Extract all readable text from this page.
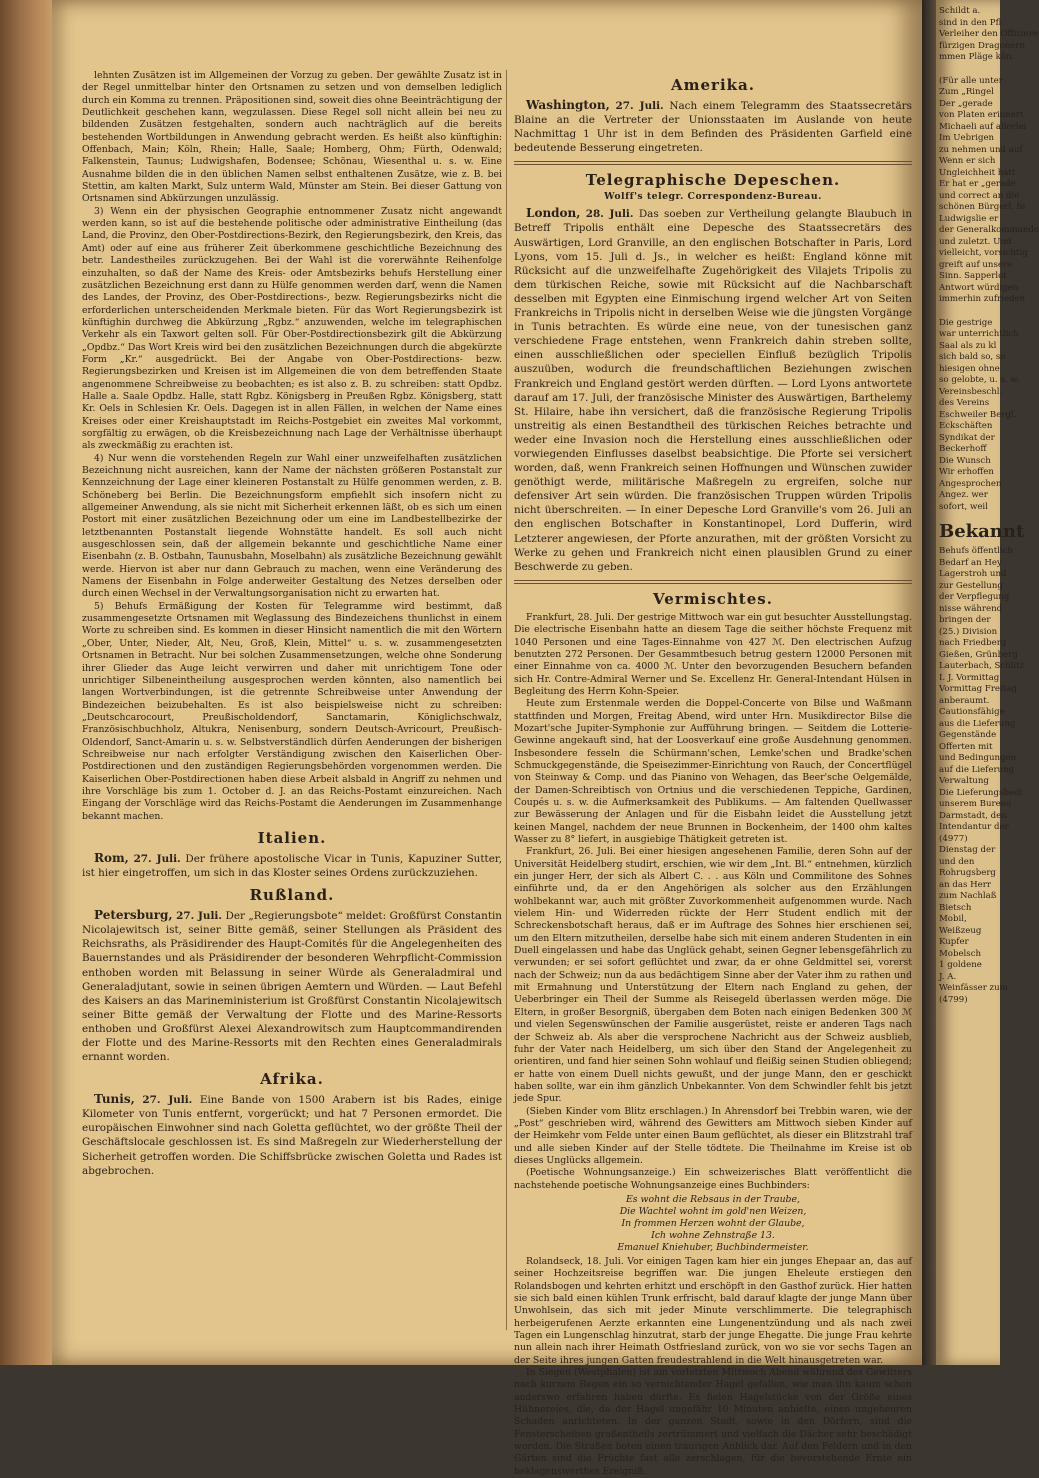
lehnten Zusätzen ist im Allgemeinen der Vorzug zu geben. Der gewählte Zusatz ist in der Regel unmittelbar hinter den Ortsnamen zu setzen und von demselben lediglich durch ein Komma zu trennen. Präpositionen sind, soweit dies ohne Beeinträchtigung der Deutlichkeit geschehen kann, wegzulassen. Diese Regel soll nicht allein bei neu zu bildenden Zusätzen festgehalten, sondern auch nachträglich auf die bereits bestehenden Wortbildungen in Anwendung gebracht werden. Es heißt also künftighin: Offenbach, Main; Köln, Rhein; Halle, Saale; Homberg, Ohm; Fürth, Odenwald; Falkenstein, Taunus; Ludwigshafen, Bodensee; Schönau, Wiesenthal u. s. w. Eine Ausnahme bilden die in den üblichen Namen selbst enthaltenen Zusätze, wie z. B. bei Stettin, am kalten Markt, Sulz unterm Wald, Münster am Stein. Bei dieser Gattung von Ortsnamen sind Abkürzungen unzulässig.

3) Wenn ein der physischen Geographie entnommener Zusatz nicht angewandt werden kann, so ist auf die bestehende politische oder administrative Eintheilung (das Land, die Provinz, den Ober-Postdirections-Bezirk, den Regierungsbezirk, den Kreis, das Amt) oder auf eine aus früherer Zeit überkommene geschichtliche Bezeichnung des betr. Landestheiles zurückzugehen. Bei der Wahl ist die vorerwähnte Reihenfolge einzuhalten, so daß der Name des Kreis- oder Amtsbezirks behufs Herstellung einer zusätzlichen Bezeichnung erst dann zu Hülfe genommen werden darf, wenn die Namen des Landes, der Provinz, des Ober-Postdirections-, bezw. Regierungsbezirks nicht die erforderlichen unterscheidenden Merkmale bieten. Für das Wort Regierungsbezirk ist künftighin durchweg die Abkürzung „Rgbz.“ anzuwenden, welche im telegraphischen Verkehr als ein Taxwort gelten soll. Für Ober-Postdirectionsbezirk gilt die Abkürzung „Opdbz.“ Das Wort Kreis wird bei den zusätzlichen Bezeichnungen durch die abgekürzte Form „Kr.“ ausgedrückt. Bei der Angabe von Ober-Postdirections- bezw. Regierungsbezirken und Kreisen ist im Allgemeinen die von dem betreffenden Staate angenommene Schreibweise zu beobachten; es ist also z. B. zu schreiben: statt Opdbz. Halle a. Saale Opdbz. Halle, statt Rgbz. Königsberg in Preußen Rgbz. Königsberg, statt Kr. Oels in Schlesien Kr. Oels. Dagegen ist in allen Fällen, in welchen der Name eines Kreises oder einer Kreishauptstadt im Reichs-Postgebiet ein zweites Mal vorkommt, sorgfältig zu erwägen, ob die Kreisbezeichnung nach Lage der Verhältnisse überhaupt als zweckmäßig zu erachten ist.

4) Nur wenn die vorstehenden Regeln zur Wahl einer unzweifelhaften zusätzlichen Bezeichnung nicht ausreichen, kann der Name der nächsten größeren Postanstalt zur Kennzeichnung der Lage einer kleineren Postanstalt zu Hülfe genommen werden, z. B. Schöneberg bei Berlin. Die Bezeichnungsform empfiehlt sich insofern nicht zu allgemeiner Anwendung, als sie nicht mit Sicherheit erkennen läßt, ob es sich um einen Postort mit einer zusätzlichen Bezeichnung oder um eine im Landbestellbezirke der letztbenannten Postanstalt liegende Wohnstätte handelt. Es soll auch nicht ausgeschlossen sein, daß der allgemein bekannte und geschichtliche Name einer Eisenbahn (z. B. Ostbahn, Taunusbahn, Moselbahn) als zusätzliche Bezeichnung gewählt werde. Hiervon ist aber nur dann Gebrauch zu machen, wenn eine Veränderung des Namens der Eisenbahn in Folge anderweiter Gestaltung des Netzes derselben oder durch einen Wechsel in der Verwaltungsorganisation nicht zu erwarten hat.

5) Behufs Ermäßigung der Kosten für Telegramme wird bestimmt, daß zusammengesetzte Ortsnamen mit Weglassung des Bindezeichens thunlichst in einem Worte zu schreiben sind. Es kommen in dieser Hinsicht namentlich die mit den Wörtern „Ober, Unter, Nieder, Alt, Neu, Groß, Klein, Mittel“ u. s. w. zusammengesetzten Ortsnamen in Betracht. Nur bei solchen Zusammensetzungen, welche ohne Sonderung ihrer Glieder das Auge leicht verwirren und daher mit unrichtigem Tone oder unrichtiger Silbeneintheilung ausgesprochen werden könnten, also namentlich bei langen Wortverbindungen, ist die getrennte Schreibweise unter Anwendung der Bindezeichen beizubehalten. Es ist also beispielsweise nicht zu schreiben: „Deutschcarocourt, Preußischoldendorf, Sanctamarin, Königlichschwalz, Französischbuchholz, Altukra, Nenisenburg, sondern Deutsch-Avricourt, Preußisch-Oldendorf, Sanct-Amarin u. s. w. Selbstverständlich dürfen Aenderungen der bisherigen Schreibweise nur nach erfolgter Verständigung zwischen den Kaiserlichen Ober-Postdirectionen und den zuständigen Regierungsbehörden vorgenommen werden. Die Kaiserlichen Ober-Postdirectionen haben diese Arbeit alsbald in Angriff zu nehmen und ihre Vorschläge bis zum 1. October d. J. an das Reichs-Postamt einzureichen. Nach Eingang der Vorschläge wird das Reichs-Postamt die Aenderungen im Zusammenhange bekannt machen.

Italien.

Rom, 27. Juli. Der frühere apostolische Vicar in Tunis, Kapuziner Sutter, ist hier eingetroffen, um sich in das Kloster seines Ordens zurückzuziehen.

Rußland.

Petersburg, 27. Juli. Der „Regierungsbote“ meldet: Großfürst Constantin Nicolajewitsch ist, seiner Bitte gemäß, seiner Stellungen als Präsident des Reichsraths, als Präsidirender des Haupt-Comités für die Angelegenheiten des Bauernstandes und als Präsidirender der besonderen Wehrpflicht-Commission enthoben worden mit Belassung in seiner Würde als Generaladmiral und Generaladjutant, sowie in seinen übrigen Aemtern und Würden. — Laut Befehl des Kaisers an das Marineministerium ist Großfürst Constantin Nicolajewitsch seiner Bitte gemäß der Verwaltung der Flotte und des Marine-Ressorts enthoben und Großfürst Alexei Alexandrowitsch zum Hauptcommandirenden der Flotte und des Marine-Ressorts mit den Rechten eines Generaladmirals ernannt worden.

Afrika.

Tunis, 27. Juli. Eine Bande von 1500 Arabern ist bis Rades, einige Kilometer von Tunis entfernt, vorgerückt; und hat 7 Personen ermordet. Die europäischen Einwohner sind nach Goletta geflüchtet, wo der größte Theil der Geschäftslocale geschlossen ist. Es sind Maßregeln zur Wiederherstellung der Sicherheit getroffen worden. Die Schiffsbrücke zwischen Goletta und Rades ist abgebrochen.

Amerika.

Washington, 27. Juli. Nach einem Telegramm des Staatssecretärs Blaine an die Vertreter der Unionsstaaten im Auslande von heute Nachmittag 1 Uhr ist in dem Befinden des Präsidenten Garfield eine bedeutende Besserung eingetreten.

Telegraphische Depeschen.
Wolff's telegr. Correspondenz-Bureau.

London, 28. Juli. Das soeben zur Vertheilung gelangte Blaubuch in Betreff Tripolis enthält eine Depesche des Staatssecretärs des Auswärtigen, Lord Granville, an den englischen Botschafter in Paris, Lord Lyons, vom 15. Juli d. Js., in welcher es heißt: England könne mit Rücksicht auf die unzweifelhafte Zugehörigkeit des Vilajets Tripolis zu dem türkischen Reiche, sowie mit Rücksicht auf die Nachbarschaft desselben mit Egypten eine Einmischung irgend welcher Art von Seiten Frankreichs in Tripolis nicht in derselben Weise wie die jüngsten Vorgänge in Tunis betrachten. Es würde eine neue, von der tunesischen ganz verschiedene Frage entstehen, wenn Frankreich dahin streben sollte, einen ausschließlichen oder speciellen Einfluß bezüglich Tripolis auszuüben, wodurch die freundschaftlichen Beziehungen zwischen Frankreich und England gestört werden dürften. — Lord Lyons antwortete darauf am 17. Juli, der französische Minister des Auswärtigen, Barthelemy St. Hilaire, habe ihn versichert, daß die französische Regierung Tripolis unstreitig als einen Bestandtheil des türkischen Reiches betrachte und weder eine Invasion noch die Herstellung eines ausschließlichen oder vorwiegenden Einflusses daselbst beabsichtige. Die Pforte sei versichert worden, daß, wenn Frankreich seinen Hoffnungen und Wünschen zuwider genöthigt werde, militärische Maßregeln zu ergreifen, solche nur defensiver Art sein würden. Die französischen Truppen würden Tripolis nicht überschreiten. — In einer Depesche Lord Granville's vom 26. Juli an den englischen Botschafter in Konstantinopel, Lord Dufferin, wird Letzterer angewiesen, der Pforte anzurathen, mit der größten Vorsicht zu Werke zu gehen und Frankreich nicht einen plausiblen Grund zu einer Beschwerde zu geben.

Vermischtes.

Frankfurt, 28. Juli. Der gestrige Mittwoch war ein gut besuchter Ausstellungstag. Die electrische Eisenbahn hatte an diesem Tage die seither höchste Frequenz mit 1040 Personen und eine Tages-Einnahme von 427 ℳ. Den electrischen Aufzug benutzten 272 Personen. Der Gesammtbesuch betrug gestern 12000 Personen mit einer Einnahme von ca. 4000 ℳ. Unter den bevorzugenden Besuchern befanden sich Hr. Contre-Admiral Werner und Se. Excellenz Hr. General-Intendant Hülsen in Begleitung des Herrn Kohn-Speier.

Heute zum Erstenmale werden die Doppel-Concerte von Bilse und Waßmann stattfinden und Morgen, Freitag Abend, wird unter Hrn. Musikdirector Bilse die Mozart'sche Jupiter-Symphonie zur Aufführung bringen. — Seitdem die Lotterie-Gewinne angekauft sind, hat der Loosverkauf eine große Ausdehnung genommen. Insbesondere fesseln die Schürmann'schen, Lemke'schen und Bradke'schen Schmuckgegenstände, die Speisezimmer-Einrichtung von Rauch, der Concertflügel von Steinway & Comp. und das Pianino von Wehagen, das Beer'sche Oelgemälde, der Damen-Schreibtisch von Ortnius und die verschiedenen Teppiche, Gardinen, Coupés u. s. w. die Aufmerksamkeit des Publikums. — Am faltenden Quellwasser zur Bewässerung der Anlagen und für die Eisbahn leidet die Ausstellung jetzt keinen Mangel, nachdem der neue Brunnen in Bockenheim, der 1400 ohm kaltes Wasser zu 8° liefert, in ausgiebige Thätigkeit getreten ist.

Frankfurt, 26. Juli. Bei einer hiesigen angesehenen Familie, deren Sohn auf der Universität Heidelberg studirt, erschien, wie wir dem „Int. Bl.“ entnehmen, kürzlich ein junger Herr, der sich als Albert C. . . aus Köln und Commilitone des Sohnes einführte und, da er den Angehörigen als solcher aus den Erzählungen wohlbekannt war, auch mit größter Zuvorkommenheit aufgenommen wurde. Nach vielem Hin- und Widerreden rückte der Herr Student endlich mit der Schreckensbotschaft heraus, daß er im Auftrage des Sohnes hier erschienen sei, um den Eltern mitzutheilen, derselbe habe sich mit einem anderen Studenten in ein Duell eingelassen und habe das Unglück gehabt, seinen Gegner lebensgefährlich zu verwunden; er sei sofort geflüchtet und zwar, da er ohne Geldmittel sei, vorerst nach der Schweiz; nun da aus bedächtigem Sinne aber der Vater ihm zu rathen und mit Ermahnung und Unterstützung der Eltern nach England zu gehen, der Ueberbringer ein Theil der Summe als Reisegeld überlassen werden möge. Die Eltern, in großer Besorgniß, übergaben dem Boten nach einigen Bedenken 300 ℳ und vielen Segenswünschen der Familie ausgerüstet, reiste er anderen Tags nach der Schweiz ab. Als aber die versprochene Nachricht aus der Schweiz ausblieb, fuhr der Vater nach Heidelberg, um sich über den Stand der Angelegenheit zu orientiren, und fand hier seinen Sohn wohlauf und fleißig seinen Studien obliegend; er hatte von einem Duell nichts gewußt, und der junge Mann, den er geschickt haben sollte, war ein ihm gänzlich Unbekannter. Von dem Schwindler fehlt bis jetzt jede Spur.

(Sieben Kinder vom Blitz erschlagen.) In Ahrensdorf bei Trebbin waren, wie der „Post“ geschrieben wird, während des Gewitters am Mittwoch sieben Kinder auf der Heimkehr vom Felde unter einen Baum geflüchtet, als dieser ein Blitzstrahl traf und alle sieben Kinder auf der Stelle tödtete. Die Theilnahme im Kreise ist ob dieses Unglücks allgemein.

(Poetische Wohnungsanzeige.) Ein schweizerisches Blatt veröffentlicht die nachstehende poetische Wohnungsanzeige eines Buchbinders:

Es wohnt die Rebsaus in der Traube,
Die Wachtel wohnt im gold'nen Weizen,
In frommen Herzen wohnt der Glaube,
Ich wohne Zehnstraße 13.
Emanuel Kniehuber, Buchbindermeister.

Rolandseck, 18. Juli. Vor einigen Tagen kam hier ein junges Ehepaar an, das auf seiner Hochzeitsreise begriffen war. Die jungen Eheleute erstiegen den Rolandsbogen und kehrten erhitzt und erschöpft in den Gasthof zurück. Hier hatten sie sich bald einen kühlen Trunk erfrischt, bald darauf klagte der junge Mann über Unwohlsein, das sich mit jeder Minute verschlimmerte. Die telegraphisch herbeigerufenen Aerzte erkannten eine Lungenentzündung und als nach zwei Tagen ein Lungenschlag hinzutrat, starb der junge Ehegatte. Die junge Frau kehrte nun allein nach ihrer Heimath Ostfriesland zurück, von wo sie vor sechs Tagen an der Seite ihres jungen Gatten freudestrahlend in die Welt hinausgetreten war.

In Siegen (Westphalen) ist am vorletzten Mittwoch Abend während des Gewitters nach kurzem Regen ein so vernichtender Hagel gefallen, wie man ihn kaum schon anderswo erfahren haben dürfte. Es fielen Hagelstücke von der Größe eines Hühnereies, die, da der Hagel ungefähr 10 Minuten anhielte, einen ungeheuren Schaden anrichteten. In der ganzen Stadt, sowie in den Dörfern, sind die Fensterscheiben großentheils zertrümmert und vielfach die Dächer sehr beschädigt worden. Die Straßen boten einen traurigen Anblick dar. Auf den Feldern und in den Gärten sind die Früchte fast alle zerschlagen, für die bevorstehende Ernte ein beklagenswerthes Ereigniß.

Schildt a.
sind in den Pfl
Verleiher den Offiziere
fürzigen Dragonern
mmen Pläge kön.
(Für alle unter
Zum „Ringel
Der „gerade
von Platen erinnert
Michaeli auf allerlei
Im Uebrigen
zu nehmen und auf
Wenn er sich
Ungleichheit hatt
Er hat er „gerade
und correct an die
schönen Bürgerl. fo
Ludwigslie er
der Generalkommando
und zuletzt. Und
vielleicht, vorsichtig
greift auf unsere
Sinn. Sapperlot
Antwort würdigen
immerhin zufrieden
Die gestrige
war unterrichtlich
Saal als zu kl
sich bald so, so
hiesigen ohne
so gelobte, u. s. w.
Vereinsbeschl.
des Vereins
Eschweiler Bergl.
Eckschäften
Syndikat der
Beckerhoff
Die Wunsch
Wir erhoffen
Angesprochen
Angez. wer
sofort, weil
Bekannt
Behufs öffentlich
Bedarf an Hey
Lagerstroh und
zur Gestellung
der Verpflegung
nisse während
bringen der
(25.) Division
nach Friedberg
Gießen, Grünberg
Lauterbach, Schlitz
I. J. Vormittag
Vormittag Freitag
anberaumt.
Cautionsfähige
aus die Lieferung
Gegenstände
Offerten mit
und Bedingungen
auf die Lieferung
Verwaltung
Die Lieferungsbedi
unserem Bureau
Darmstadt, den
Intendantur der
(4977)
Dienstag der
und den
Rohrugsberg
an das Herr
zum Nachlaß
Bietsch
Mobil,
Weißzeug
Kupfer
Mobelsch
1 goldene
J. A.
Weinfässer zum
(4799)
